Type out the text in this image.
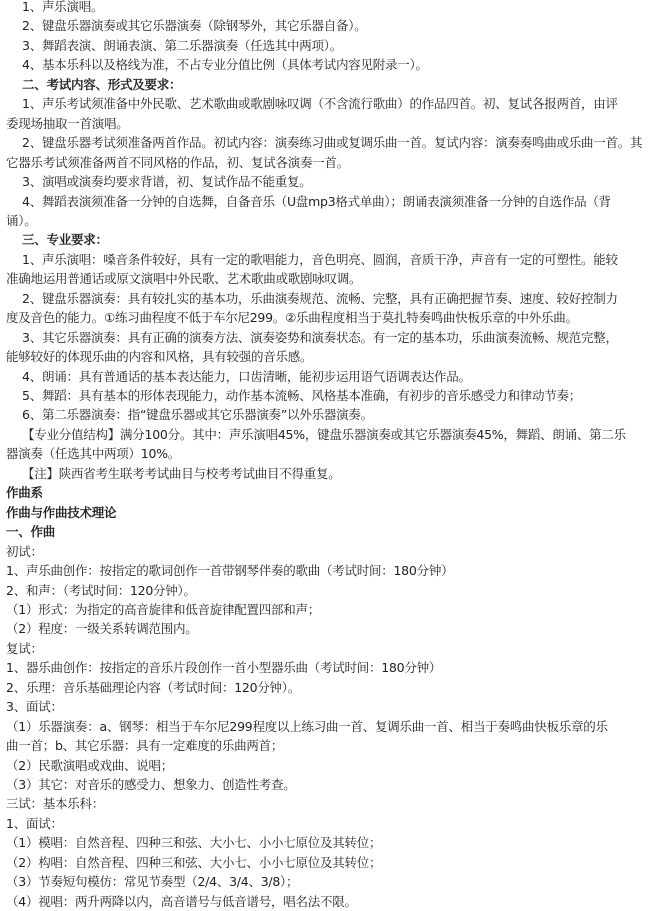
1、声乐演唱。
2、键盘乐器演奏或其它乐器演奏（除钢琴外，其它乐器自备）。
3、舞蹈表演、朗诵表演、第二乐器演奏（任选其中两项）。
4、基本乐科以及格线为准，不占专业分值比例（具体考试内容见附录一）。
二、考试内容、形式及要求：
1、声乐考试须准备中外民歌、艺术歌曲或歌剧咏叹调（不含流行歌曲）的作品四首。初、复试各报两首，由评
委现场抽取一首演唱。
2、键盘乐器考试须准备两首作品。初试内容：演奏练习曲或复调乐曲一首。复试内容：演奏奏鸣曲或乐曲一首。其
它器乐考试须准备两首不同风格的作品，初、复试各演奏一首。
3、演唱或演奏均要求背谱，初、复试作品不能重复。
4、舞蹈表演须准备一分钟的自选舞，自备音乐（U盘mp3格式单曲）；朗诵表演须准备一分钟的自选作品（背
诵）。
三、专业要求：
1、声乐演唱：嗓音条件较好，具有一定的歌唱能力，音色明亮、圆润，音质干净，声音有一定的可塑性。能较
准确地运用普通话或原文演唱中外民歌、艺术歌曲或歌剧咏叹调。
2、键盘乐器演奏：具有较扎实的基本功，乐曲演奏规范、流畅、完整，具有正确把握节奏、速度、较好控制力
度及音色的能力。①练习曲程度不低于车尔尼299。②乐曲程度相当于莫扎特奏鸣曲快板乐章的中外乐曲。
3、其它乐器演奏：具有正确的演奏方法、演奏姿势和演奏状态。有一定的基本功，乐曲演奏流畅、规范完整，
能够较好的体现乐曲的内容和风格，具有较强的音乐感。
4、朗诵：具有普通话的基本表达能力，口齿清晰，能初步运用语气语调表达作品。
5、舞蹈：具有基本的形体表现能力，动作基本流畅、风格基本准确，有初步的音乐感受力和律动节奏；
6、第二乐器演奏：指“键盘乐器或其它乐器演奏”以外乐器演奏。
【专业分值结构】满分100分。其中：声乐演唱45%，键盘乐器演奏或其它乐器演奏45%，舞蹈、朗诵、第二乐
器演奏（任选其中两项）10%。
【注】陕西省考生联考考试曲目与校考考试曲目不得重复。
作曲系
作曲与作曲技术理论
一、作曲
初试：
1、声乐曲创作：按指定的歌词创作一首带钢琴伴奏的歌曲（考试时间：180分钟）
2、和声：（考试时间：120分钟）。
（1）形式：为指定的高音旋律和低音旋律配置四部和声；
（2）程度：一级关系转调范围内。
复试：
1、器乐曲创作：按指定的音乐片段创作一首小型器乐曲（考试时间：180分钟）
2、乐理：音乐基础理论内容（考试时间：120分钟）。
3、面试：
（1）乐器演奏：a、钢琴：相当于车尔尼299程度以上练习曲一首、复调乐曲一首、相当于奏鸣曲快板乐章的乐
曲一首；b、其它乐器：具有一定难度的乐曲两首；
（2）民歌演唱或戏曲、说唱；
（3）其它：对音乐的感受力、想象力、创造性考查。
三试：基本乐科：
1、面试：
（1）模唱：自然音程、四种三和弦、大小七、小小七原位及其转位；
（2）构唱：自然音程、四种三和弦、大小七、小小七原位及其转位；
（3）节奏短句模仿：常见节奏型（2/4、3/4、3/8）；
（4）视唱：两升两降以内，高音谱号与低音谱号，唱名法不限。
